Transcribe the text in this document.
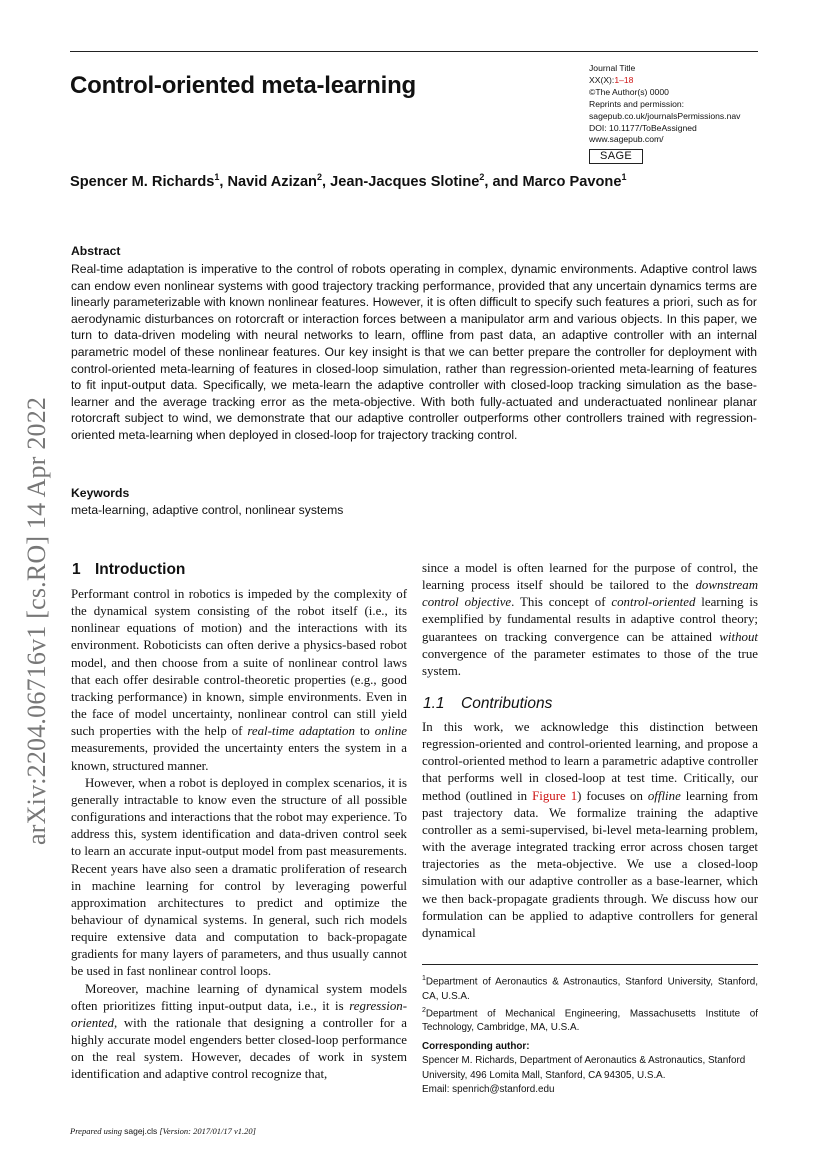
Control-oriented meta-learning
Journal Title
XX(X):1–18
©The Author(s) 0000
Reprints and permission:
sagepub.co.uk/journalsPermissions.nav
DOI: 10.1177/ToBeAssigned
www.sagepub.com/
SAGE
Spencer M. Richards$^1$, Navid Azizan$^2$, Jean-Jacques Slotine$^2$, and Marco Pavone$^1$
Abstract
Real-time adaptation is imperative to the control of robots operating in complex, dynamic environments. Adaptive control laws can endow even nonlinear systems with good trajectory tracking performance, provided that any uncertain dynamics terms are linearly parameterizable with known nonlinear features. However, it is often difficult to specify such features a priori, such as for aerodynamic disturbances on rotorcraft or interaction forces between a manipulator arm and various objects. In this paper, we turn to data-driven modeling with neural networks to learn, offline from past data, an adaptive controller with an internal parametric model of these nonlinear features. Our key insight is that we can better prepare the controller for deployment with control-oriented meta-learning of features in closed-loop simulation, rather than regression-oriented meta-learning of features to fit input-output data. Specifically, we meta-learn the adaptive controller with closed-loop tracking simulation as the base-learner and the average tracking error as the meta-objective. With both fully-actuated and underactuated nonlinear planar rotorcraft subject to wind, we demonstrate that our adaptive controller outperforms other controllers trained with regression-oriented meta-learning when deployed in closed-loop for trajectory tracking control.
Keywords
meta-learning, adaptive control, nonlinear systems
arXiv:2204.06716v1 [cs.RO] 14 Apr 2022 1 Introduction

Performant control in robotics is impeded by the complexity of the dynamical system consisting of the robot itself (i.e., its nonlinear equations of motion) and the interactions with its environment. Roboticists can often derive a physics-based robot model, and then choose from a suite of nonlinear control laws that each offer desirable control-theoretic properties (e.g., good tracking performance) in known, simple environments. Even in the face of model uncertainty, nonlinear control can still yield such properties with the help of real-time adaptation to online measurements, provided the uncertainty enters the system in a known, structured manner.

However, when a robot is deployed in complex scenarios, it is generally intractable to know even the structure of all possible configurations and interactions that the robot may experience. To address this, system identification and data-driven control seek to learn an accurate input-output model from past measurements. Recent years have also seen a dramatic proliferation of research in machine learning for control by leveraging powerful approximation architectures to predict and optimize the behaviour of dynamical systems. In general, such rich models require extensive data and computation to back-propagate gradients for many layers of parameters, and thus usually cannot be used in fast nonlinear control loops.

Moreover, machine learning of dynamical system models often prioritizes fitting input-output data, i.e., it is regression-oriented, with the rationale that designing a controller for a highly accurate model engenders better closed-loop performance on the real system. However, decades of work in system identification and adaptive control recognize that,

since a model is often learned for the purpose of control, the learning process itself should be tailored to the downstream control objective. This concept of control-oriented learning is exemplified by fundamental results in adaptive control theory; guarantees on tracking convergence can be attained without convergence of the parameter estimates to those of the true system.

1.1 Contributions

In this work, we acknowledge this distinction between regression-oriented and control-oriented learning, and propose a control-oriented method to learn a parametric adaptive controller that performs well in closed-loop at test time. Critically, our method (outlined in Figure 1) focuses on offline learning from past trajectory data. We formalize training the adaptive controller as a semi-supervised, bi-level meta-learning problem, with the average integrated tracking error across chosen target trajectories as the meta-objective. We use a closed-loop simulation with our adaptive controller as a base-learner, which we then back-propagate gradients through. We discuss how our formulation can be applied to adaptive controllers for general dynamical

$^1$Department of Aeronautics & Astronautics, Stanford University, Stanford, CA, U.S.A.
$^2$Department of Mechanical Engineering, Massachusetts Institute of Technology, Cambridge, MA, U.S.A.
Corresponding author:
Spencer M. Richards, Department of Aeronautics & Astronautics, Stanford University, 496 Lomita Mall, Stanford, CA 94305, U.S.A.
Email: spenrich@stanford.edu
Prepared using sagej.cls [Version: 2017/01/17 v1.20]
